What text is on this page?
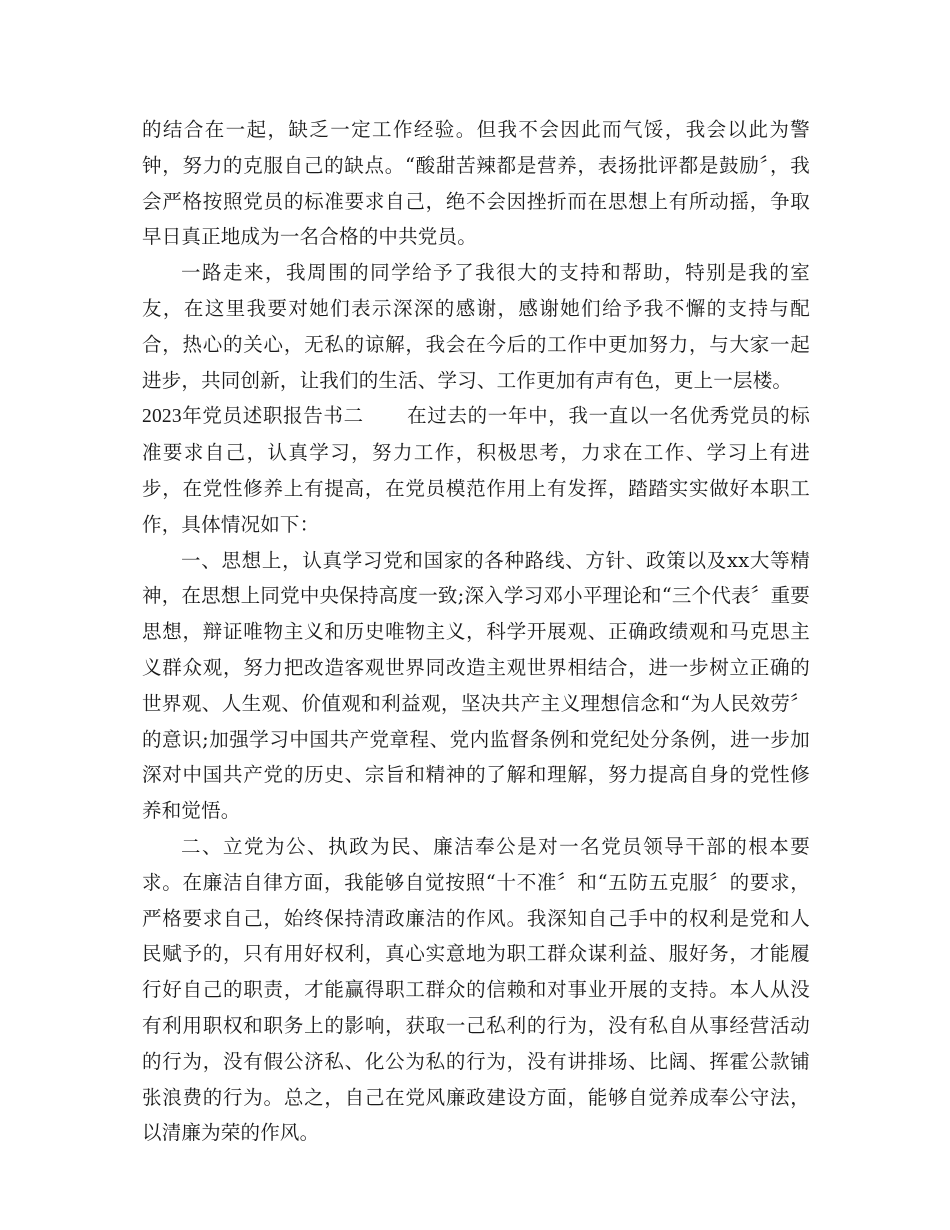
的结合在一起，缺乏一定工作经验。但我不会因此而气馁，我会以此为警钟，努力的克服自己的缺点。“酸甜苦辣都是营养，表扬批评都是鼓励〞，我会严格按照党员的标准要求自己，绝不会因挫折而在思想上有所动摇，争取早日真正地成为一名合格的中共党员。

一路走来，我周围的同学给予了我很大的支持和帮助，特别是我的室友，在这里我要对她们表示深深的感谢，感谢她们给予我不懈的支持与配合，热心的关心，无私的谅解，我会在今后的工作中更加努力，与大家一起进步，共同创新，让我们的生活、学习、工作更加有声有色，更上一层楼。

2023年党员述职报告书二 在过去的一年中，我一直以一名优秀党员的标准要求自己，认真学习，努力工作，积极思考，力求在工作、学习上有进步，在党性修养上有提高，在党员模范作用上有发挥，踏踏实实做好本职工作，具体情况如下：

一、思想上，认真学习党和国家的各种路线、方针、政策以及xx大等精神，在思想上同党中央保持高度一致;深入学习邓小平理论和“三个代表〞重要思想，辩证唯物主义和历史唯物主义，科学开展观、正确政绩观和马克思主义群众观，努力把改造客观世界同改造主观世界相结合，进一步树立正确的世界观、人生观、价值观和利益观，坚决共产主义理想信念和“为人民效劳〞的意识;加强学习中国共产党章程、党内监督条例和党纪处分条例，进一步加深对中国共产党的历史、宗旨和精神的了解和理解，努力提高自身的党性修养和觉悟。

二、立党为公、执政为民、廉洁奉公是对一名党员领导干部的根本要求。在廉洁自律方面，我能够自觉按照“十不准〞和“五防五克服〞的要求，严格要求自己，始终保持清政廉洁的作风。我深知自己手中的权利是党和人民赋予的，只有用好权利，真心实意地为职工群众谋利益、服好务，才能履行好自己的职责，才能赢得职工群众的信赖和对事业开展的支持。本人从没有利用职权和职务上的影响，获取一己私利的行为，没有私自从事经营活动的行为，没有假公济私、化公为私的行为，没有讲排场、比阔、挥霍公款铺张浪费的行为。总之，自己在党风廉政建设方面，能够自觉养成奉公守法，以清廉为荣的作风。
